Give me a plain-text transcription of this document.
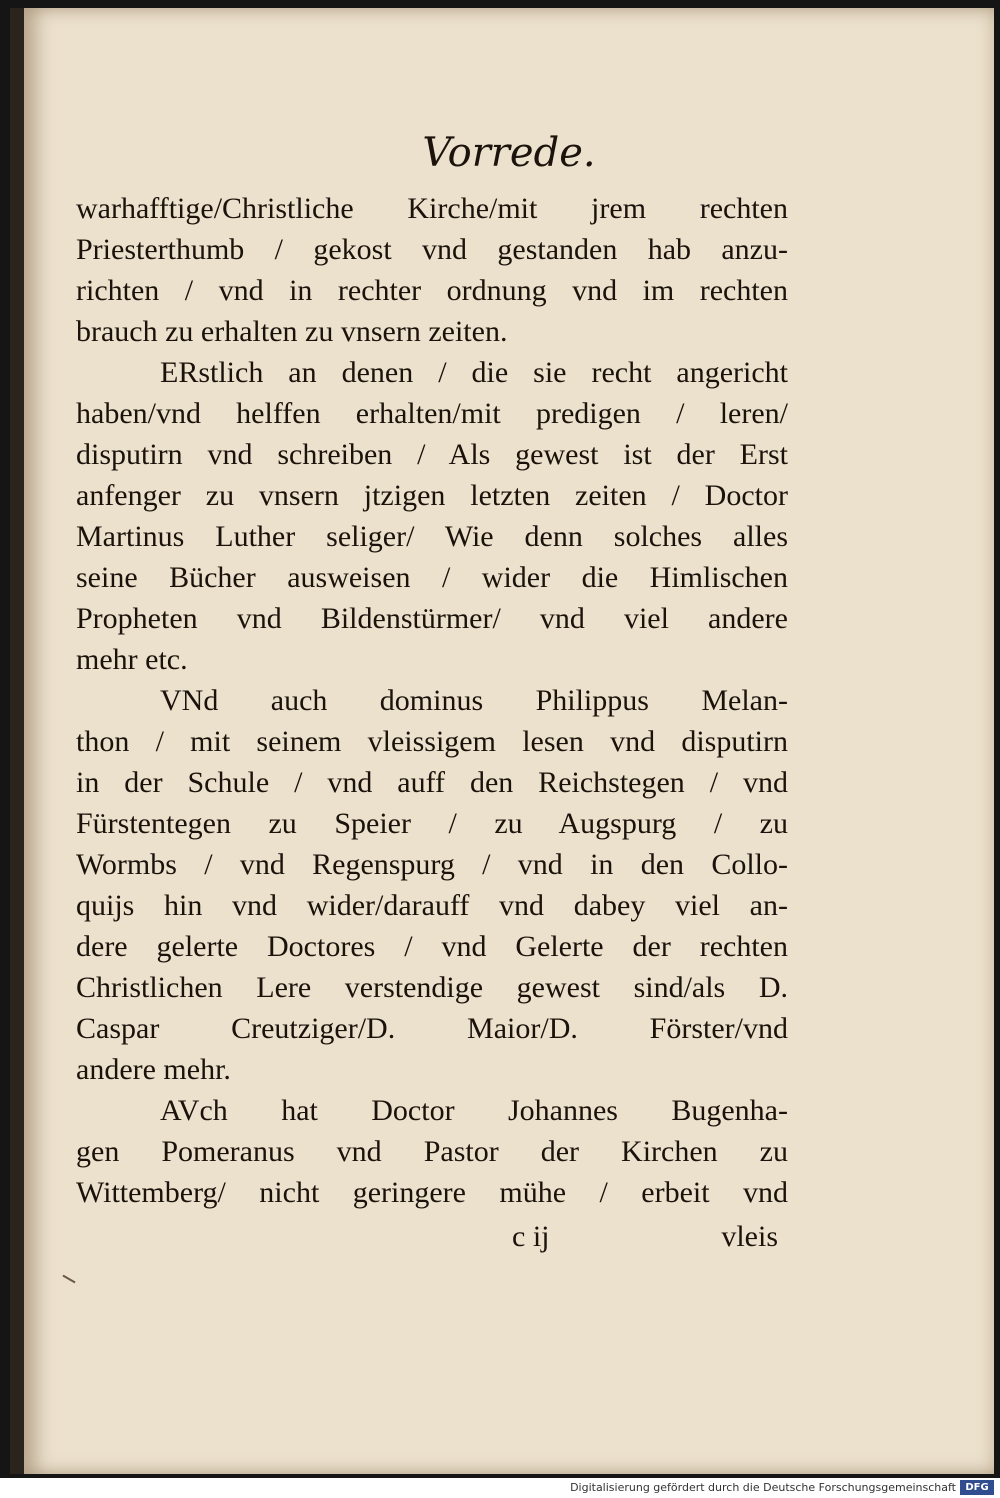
Vorrede.
warhafftige/Christliche Kirche/mit jrem rechten
Priesterthumb / gekost vnd gestanden hab anzu-
richten / vnd in rechter ordnung vnd im rechten
brauch zu erhalten zu vnsern zeiten.
ERstlich an denen / die sie recht angericht
haben/vnd helffen erhalten/mit predigen / leren/
disputirn vnd schreiben / Als gewest ist der Erst
anfenger zu vnsern jtzigen letzten zeiten / Doctor
Martinus Luther seliger/ Wie denn solches alles
seine Bücher ausweisen / wider die Himlischen
Propheten vnd Bildenstürmer/ vnd viel andere
mehr etc.
VNd auch dominus Philippus Melan-
thon / mit seinem vleissigem lesen vnd disputirn
in der Schule / vnd auff den Reichstegen / vnd
Fürstentegen zu Speier / zu Augspurg / zu
Wormbs / vnd Regenspurg / vnd in den Collo-
quijs hin vnd wider/darauff vnd dabey viel an-
dere gelerte Doctores / vnd Gelerte der rechten
Christlichen Lere verstendige gewest sind/als D.
Caspar Creutziger/D. Maior/D. Förster/vnd
andere mehr.
AVch hat Doctor Johannes Bugenha-
gen Pomeranus vnd Pastor der Kirchen zu
Wittemberg/ nicht geringere mühe / erbeit vnd
c ij	vleis
Digitalisierung gefördert durch die Deutsche Forschungsgemeinschaft DFG
